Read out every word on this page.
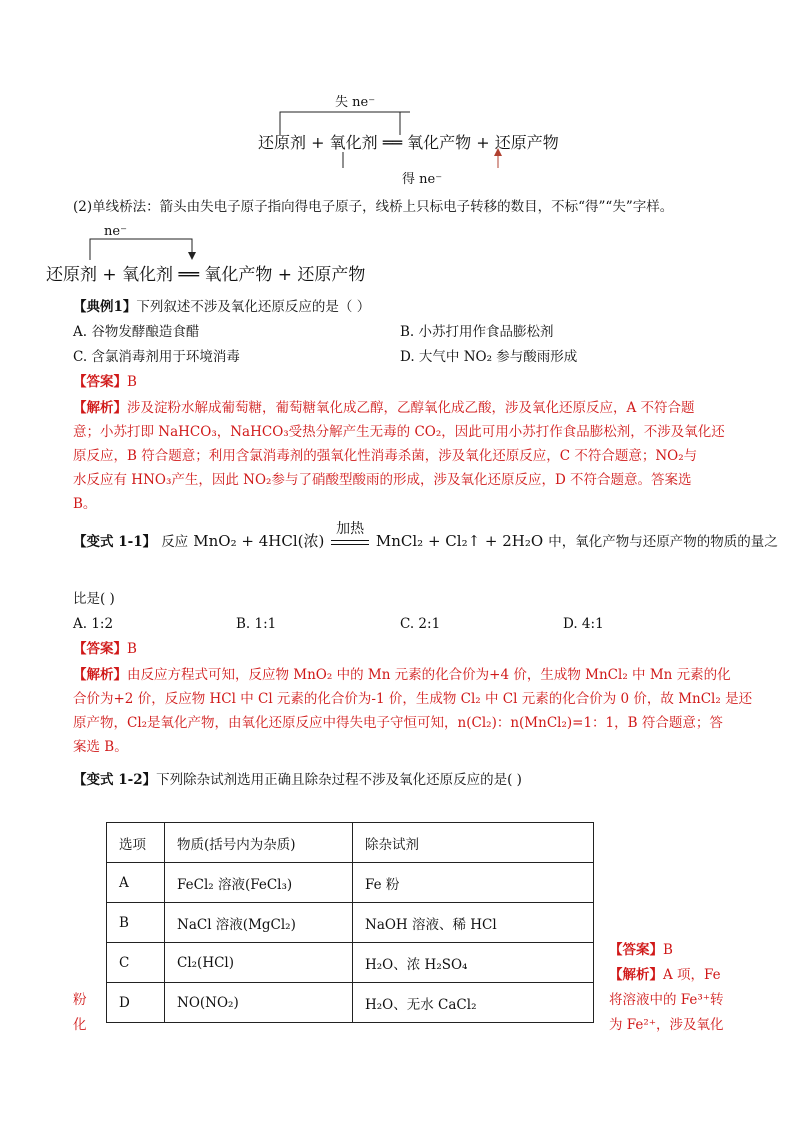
失 ne⁻
还原剂 + 氧化剂 ══ 氧化产物 + 还原产物
得 ne⁻
(2)单线桥法：箭头由失电子原子指向得电子原子，线桥上只标电子转移的数目，不标“得”“失”字样。
ne⁻
还原剂 + 氧化剂 ══ 氧化产物 + 还原产物
【典例1】下列叙述不涉及氧化还原反应的是（ ）
A. 谷物发酵酿造食醋	B. 小苏打用作食品膨松剂
C. 含氯消毒剂用于环境消毒	D. 大气中 NO₂ 参与酸雨形成
【答案】B
【解析】涉及淀粉水解成葡萄糖，葡萄糖氧化成乙醇，乙醇氧化成乙酸，涉及氧化还原反应，A 不符合题
意；小苏打即 NaHCO₃，NaHCO₃受热分解产生无毒的 CO₂，因此可用小苏打作食品膨松剂，不涉及氧化还
原反应，B 符合题意；利用含氯消毒剂的强氧化性消毒杀菌，涉及氧化还原反应，C 不符合题意；NO₂与
水反应有 HNO₃产生，因此 NO₂参与了硝酸型酸雨的形成，涉及氧化还原反应，D 不符合题意。答案选
B。
【变式 1-1】 反应 MnO₂ + 4HCl(浓)
加热
MnCl₂ + Cl₂↑ + 2H₂O 中，氧化产物与还原产物的物质的量之
比是( )
A. 1:2	B. 1:1	C. 2:1	D. 4:1
【答案】B
【解析】由反应方程式可知，反应物 MnO₂ 中的 Mn 元素的化合价为+4 价，生成物 MnCl₂ 中 Mn 元素的化
合价为+2 价，反应物 HCl 中 Cl 元素的化合价为-1 价，生成物 Cl₂ 中 Cl 元素的化合价为 0 价，故 MnCl₂ 是还
原产物，Cl₂是氧化产物，由氧化还原反应中得失电子守恒可知，n(Cl₂)：n(MnCl₂)=1：1，B 符合题意；答
案选 B。
【变式 1-2】下列除杂试剂选用正确且除杂过程不涉及氧化还原反应的是( )
选项	物质(括号内为杂质)	除杂试剂
A	FeCl₂ 溶液(FeCl₃)	Fe 粉
B	NaCl 溶液(MgCl₂)	NaOH 溶液、稀 HCl
C	Cl₂(HCl)	H₂O、浓 H₂SO₄
D	NO(NO₂)	H₂O、无水 CaCl₂
粉
化
【答案】B
【解析】A 项，Fe
将溶液中的 Fe³⁺转
为 Fe²⁺，涉及氧化
